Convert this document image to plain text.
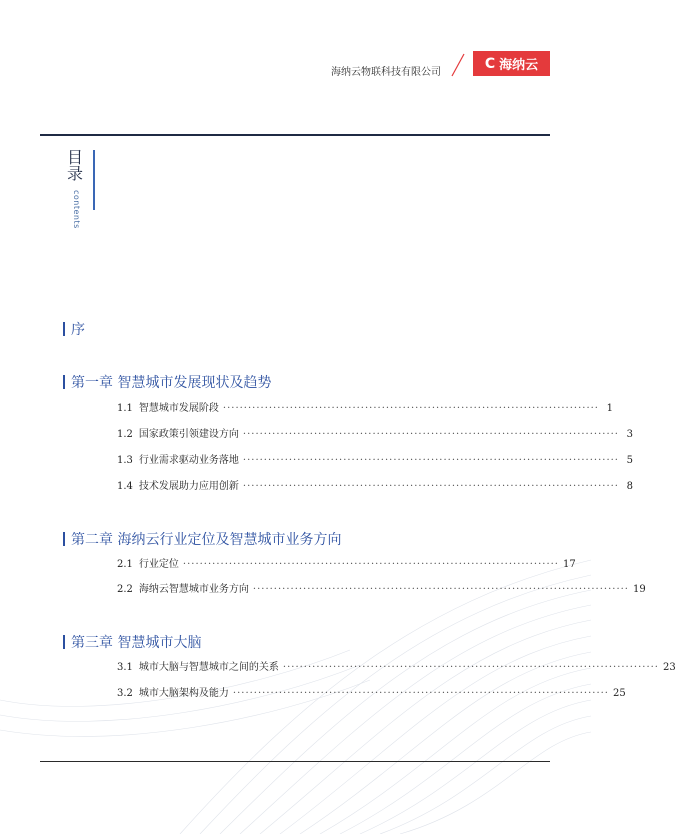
海纳云物联科技有限公司
C 海纳云
目
录
contents
序
第一章 智慧城市发展现状及趋势
1.1 智慧城市发展阶段 ·························································································· 1
1.2 国家政策引领建设方向 ·························································································· 3
1.3 行业需求驱动业务落地 ·························································································· 5
1.4 技术发展助力应用创新 ·························································································· 8
第二章 海纳云行业定位及智慧城市业务方向
2.1 行业定位 ·························································································· 17
2.2 海纳云智慧城市业务方向 ·························································································· 19
第三章 智慧城市大脑
3.1 城市大脑与智慧城市之间的关系 ·························································································· 23
3.2 城市大脑架构及能力 ·························································································· 25
